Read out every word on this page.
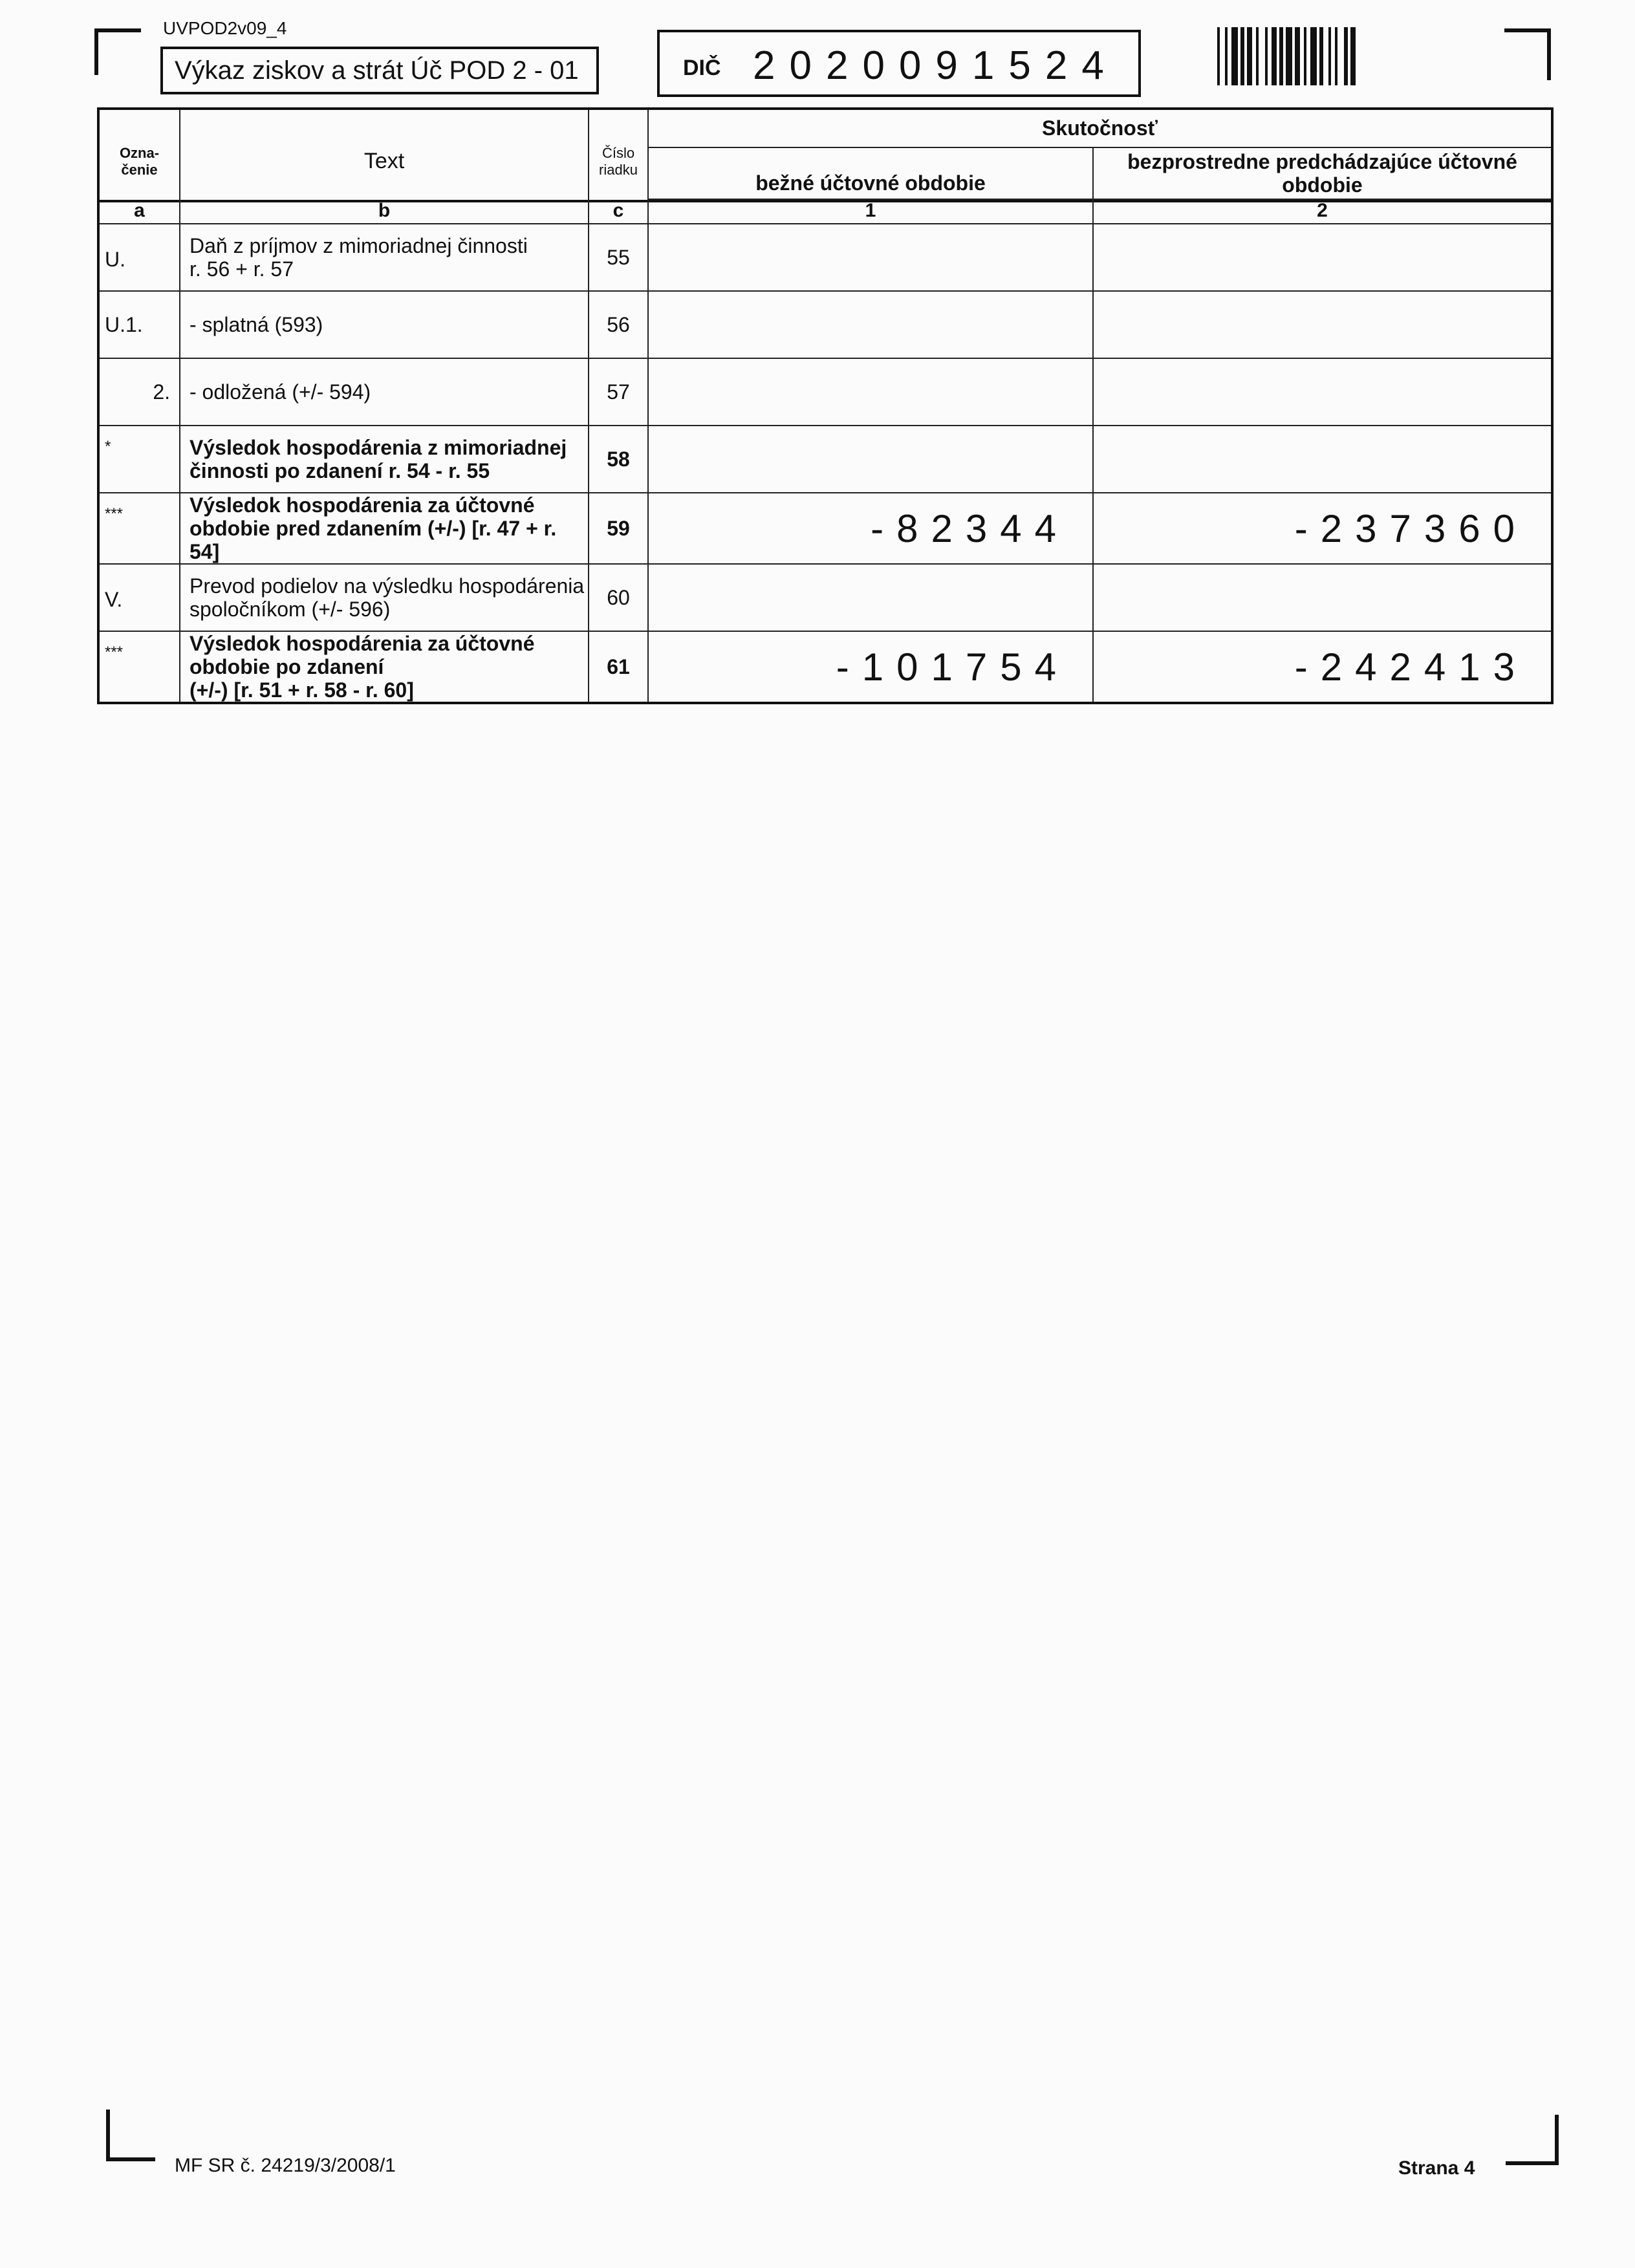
UVPOD2v09_4
Výkaz ziskov a strát Úč POD 2 - 01	DIČ 2020091524
Ozna-
čenie	Text	Číslo
riadku	Skutočnosť	
			bežné účtovné obdobie	bezprostredne predchádzajúce účtovné obdobie

a	b	c	1	2
U.	Daň z príjmov z mimoriadnej činnosti
r. 56 + r. 57	55		
U.1.	- splatná (593)	56		
2.	- odložená (+/- 594)	57		
*	Výsledok hospodárenia z mimoriadnej
činnosti po zdanení r. 54 - r. 55	58		
***	Výsledok hospodárenia za účtovné
obdobie pred zdanením (+/-) [r. 47 + r. 54]	59	-82344	-237360
V.	Prevod podielov na výsledku hospodárenia
spoločníkom (+/- 596)	60		
***	Výsledok hospodárenia za účtovné
obdobie po zdanení
(+/-) [r. 51 + r. 58 - r. 60]	61	-101754	-242413
MF SR č. 24219/3/2008/1	Strana 4
